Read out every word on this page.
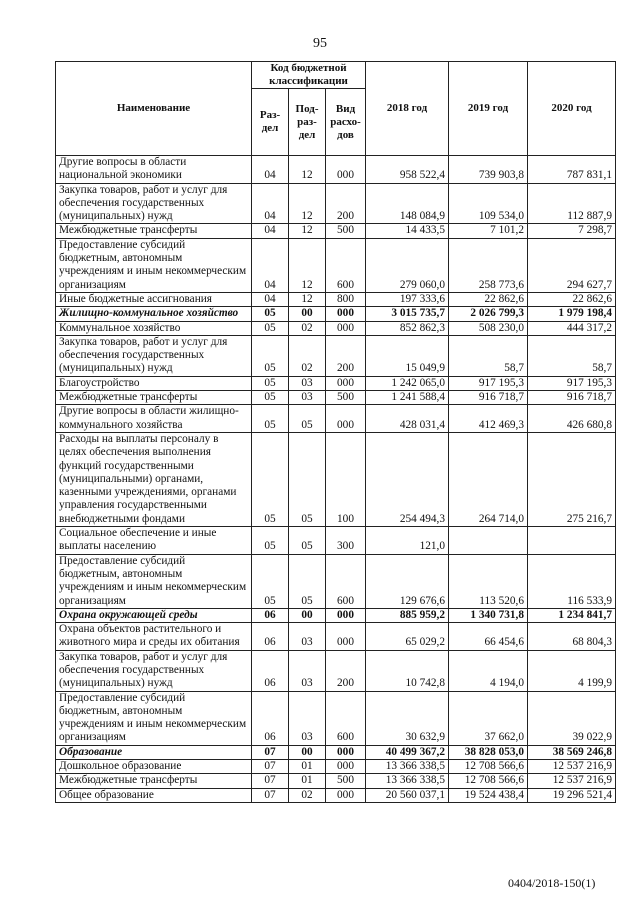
95
Наименование	Код бюджетной классификации			2018 год	2019 год	2020 год
	Раз-дел	Под-раз-дел	Вид расхо-дов			
Другие вопросы в области национальной экономики	04	12	000	958 522,4	739 903,8	787 831,1
Закупка товаров, работ и услуг для обеспечения государственных (муниципальных) нужд	04	12	200	148 084,9	109 534,0	112 887,9
Межбюджетные трансферты	04	12	500	14 433,5	7 101,2	7 298,7
Предоставление субсидий бюджетным, автономным учреждениям и иным некоммерческим организациям	04	12	600	279 060,0	258 773,6	294 627,7
Иные бюджетные ассигнования	04	12	800	197 333,6	22 862,6	22 862,6
Жилищно-коммунальное хозяйство	05	00	000	3 015 735,7	2 026 799,3	1 979 198,4
Коммунальное хозяйство	05	02	000	852 862,3	508 230,0	444 317,2
Закупка товаров, работ и услуг для обеспечения государственных (муниципальных) нужд	05	02	200	15 049,9	58,7	58,7
Благоустройство	05	03	000	1 242 065,0	917 195,3	917 195,3
Межбюджетные трансферты	05	03	500	1 241 588,4	916 718,7	916 718,7
Другие вопросы в области жилищно-коммунального хозяйства	05	05	000	428 031,4	412 469,3	426 680,8
Расходы на выплаты персоналу в целях обеспечения выполнения функций государственными (муниципальными) органами, казенными учреждениями, органами управления государственными внебюджетными фондами	05	05	100	254 494,3	264 714,0	275 216,7
Социальное обеспечение и иные выплаты населению	05	05	300	121,0		
Предоставление субсидий бюджетным, автономным учреждениям и иным некоммерческим организациям	05	05	600	129 676,6	113 520,6	116 533,9
Охрана окружающей среды	06	00	000	885 959,2	1 340 731,8	1 234 841,7
Охрана объектов растительного и животного мира и среды их обитания	06	03	000	65 029,2	66 454,6	68 804,3
Закупка товаров, работ и услуг для обеспечения государственных (муниципальных) нужд	06	03	200	10 742,8	4 194,0	4 199,9
Предоставление субсидий бюджетным, автономным учреждениям и иным некоммерческим организациям	06	03	600	30 632,9	37 662,0	39 022,9
Образование	07	00	000	40 499 367,2	38 828 053,0	38 569 246,8
Дошкольное образование	07	01	000	13 366 338,5	12 708 566,6	12 537 216,9
Межбюджетные трансферты	07	01	500	13 366 338,5	12 708 566,6	12 537 216,9
Общее образование	07	02	000	20 560 037,1	19 524 438,4	19 296 521,4
0404/2018-150(1)
